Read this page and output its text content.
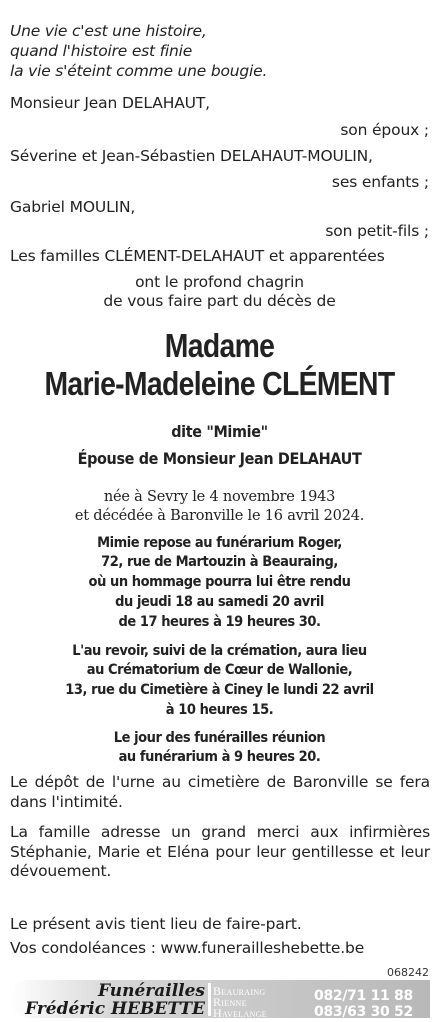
Une vie c'est une histoire,
quand l'histoire est finie
la vie s'éteint comme une bougie.
Monsieur Jean DELAHAUT,
son époux ;
Séverine et Jean-Sébastien DELAHAUT-MOULIN,
ses enfants ;
Gabriel MOULIN,
son petit-fils ;
Les familles CLÉMENT-DELAHAUT et apparentées
ont le profond chagrin
de vous faire part du décès de
Madame
Marie-Madeleine CLÉMENT
dite "Mimie"
Épouse de Monsieur Jean DELAHAUT
née à Sevry le 4 novembre 1943
et décédée à Baronville le 16 avril 2024.
Mimie repose au funérarium Roger,
72, rue de Martouzin à Beauraing,
où un hommage pourra lui être rendu
du jeudi 18 au samedi 20 avril
de 17 heures à 19 heures 30.
L'au revoir, suivi de la crémation, aura lieu
au Crématorium de Cœur de Wallonie,
13, rue du Cimetière à Ciney le lundi 22 avril
à 10 heures 15.
Le jour des funérailles réunion
au funérarium à 9 heures 20.
Le dépôt de l'urne au cimetière de Baronville se fera dans l'intimité.
La famille adresse un grand merci aux infirmières Stéphanie, Marie et Eléna pour leur gentillesse et leur dévouement.
Le présent avis tient lieu de faire-part.
Vos condoléances : www.funerailleshebette.be
068242
Funérailles
Frédéric HEBETTE
Beauraing
Rienne
Havelange
082/71 11 88
083/63 30 52
